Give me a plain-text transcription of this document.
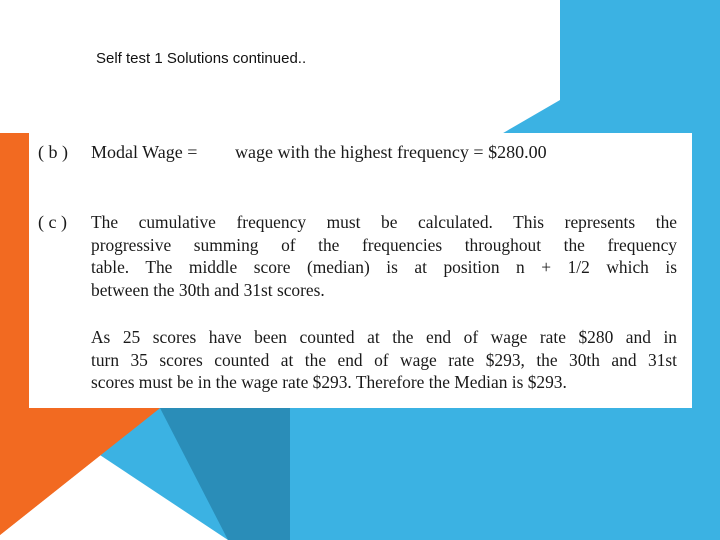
Self test 1 Solutions continued..
( b ) Modal Wage = wage with the highest frequency = $280.00
( c ) The cumulative frequency must be calculated. This represents the
progressive summing of the frequencies throughout the frequency
table. The middle score (median) is at position n + 1/2 which is
between the 30th and 31st scores.
As 25 scores have been counted at the end of wage rate $280 and in
turn 35 scores counted at the end of wage rate $293, the 30th and 31st
scores must be in the wage rate $293. Therefore the Median is $293.
